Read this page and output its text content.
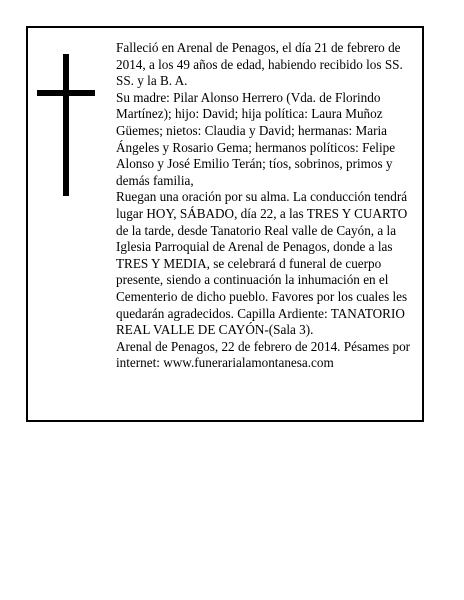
Falleció en Arenal de Penagos, el día 21 de febrero de 2014, a los 49 años de edad, habiendo recibido los SS. SS. y la B. A.

Su madre: Pilar Alonso Herrero (Vda. de Florindo Martínez); hijo: David; hija política: Laura Muñoz Güemes; nietos: Claudia y David; hermanas: Maria Ángeles y Rosario Gema; hermanos políticos: Felipe Alonso y José Emilio Terán; tíos, sobrinos, primos y demás familia,

Ruegan una oración por su alma. La conducción tendrá lugar HOY, SÁBADO, día 22, a las TRES Y CUARTO de la tarde, desde Tanatorio Real valle de Cayón, a la Iglesia Parroquial de Arenal de Penagos, donde a las TRES Y MEDIA, se celebrará d funeral de cuerpo presente, siendo a continuación la inhumación en el Cementerio de dicho pueblo. Favores por los cuales les quedarán agradecidos. Capilla Ardiente: TANATORIO REAL VALLE DE CAYÓN-(Sala 3).

Arenal de Penagos, 22 de febrero de 2014. Pésames por internet: www.funerarialamontanesa.com
